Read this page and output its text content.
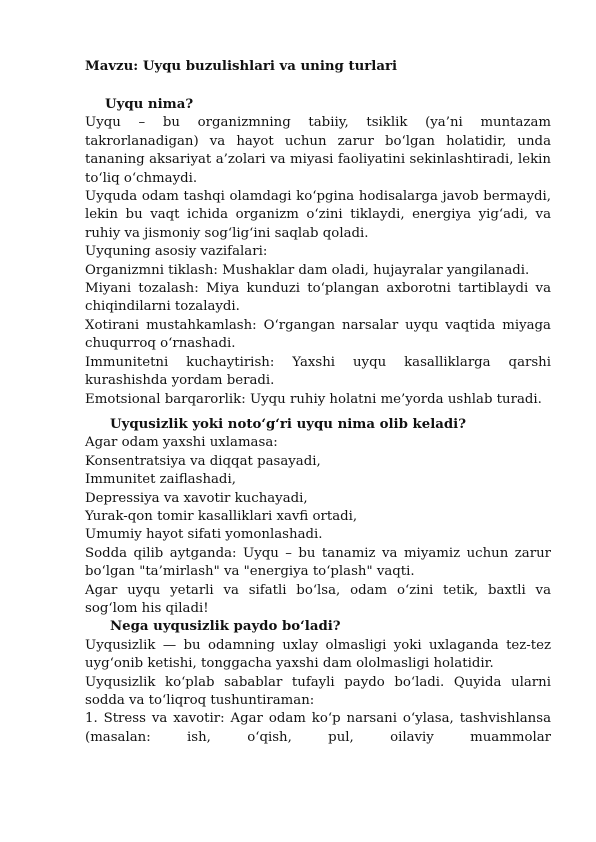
Mavzu: Uyqu buzulishlari va uning turlari
Uyqu nima?

Uyqu – bu organizmning tabiiy, tsiklik (ya’ni muntazam takrorlanadigan) va hayot uchun zarur bo‘lgan holatidir, unda tananing aksariyat a’zolari va miyasi faoliyatini sekinlashtiradi, lekin to‘liq o‘chmaydi.

Uyquda odam tashqi olamdagi ko‘pgina hodisalarga javob bermaydi, lekin bu vaqt ichida organizm o‘zini tiklaydi, energiya yig‘adi, va ruhiy va jismoniy sog‘lig‘ini saqlab qoladi.

Uyquning asosiy vazifalari:

Organizmni tiklash: Mushaklar dam oladi, hujayralar yangilanadi.

Miyani tozalash: Miya kunduzi to‘plangan axborotni tartiblaydi va chiqindilarni tozalaydi.

Xotirani mustahkamlash: O‘rgangan narsalar uyqu vaqtida miyaga chuqurroq o‘rnashadi.

Immunitetni kuchaytirish: Yaxshi uyqu kasalliklarga qarshi kurashishda yordam beradi.

Emotsional barqarorlik: Uyqu ruhiy holatni me’yorda ushlab turadi.

Uyqusizlik yoki noto‘g‘ri uyqu nima olib keladi?

Agar odam yaxshi uxlamasa:

Konsentratsiya va diqqat pasayadi,

Immunitet zaiflashadi,

Depressiya va xavotir kuchayadi,

Yurak-qon tomir kasalliklari xavfi ortadi,

Umumiy hayot sifati yomonlashadi.

Sodda qilib aytganda: Uyqu – bu tanamiz va miyamiz uchun zarur bo‘lgan "ta’mirlash" va "energiya to‘plash" vaqti.

Agar uyqu yetarli va sifatli bo‘lsa, odam o‘zini tetik, baxtli va sog‘lom his qiladi!

Nega uyqusizlik paydo bo‘ladi?

Uyqusizlik — bu odamning uxlay olmasligi yoki uxlaganda tez-tez uyg‘onib ketishi, tonggacha yaxshi dam ololmasligi holatidir.

Uyqusizlik ko‘plab sabablar tufayli paydo bo‘ladi. Quyida ularni sodda va to‘liqroq tushuntiraman:

1. Stress va xavotir: Agar odam ko‘p narsani o‘ylasa, tashvishlansa (masalan: ish, o‘qish, pul, oilaviy muammolar
